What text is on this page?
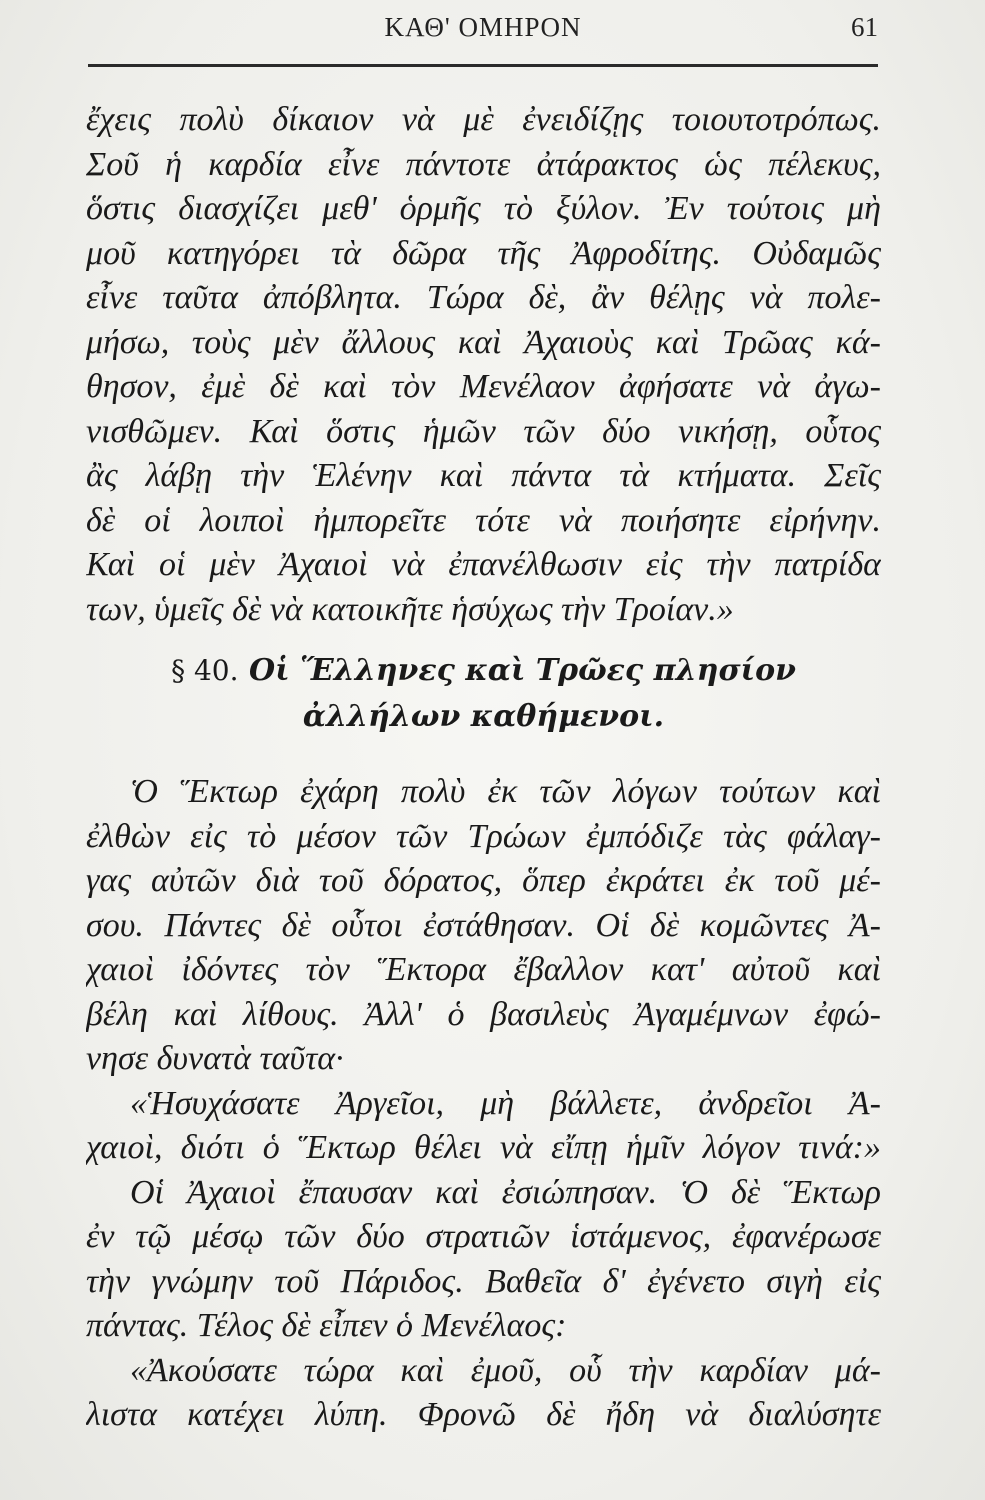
ΚΑΘ' ΟΜΗΡΟΝ	61
ἔχεις πολὺ δίκαιον νὰ μὲ ἐνειδίζῃς τοιουτοτρόπως.
Σοῦ ἡ καρδία εἶνε πάντοτε ἀτάρακτος ὡς πέλεκυς,
ὅστις διασχίζει μεθ' ὁρμῆς τὸ ξύλον. Ἐν τούτοις μὴ
μοῦ κατηγόρει τὰ δῶρα τῆς Ἀφροδίτης. Οὐδαμῶς
εἶνε ταῦτα ἀπόβλητα. Τώρα δὲ, ἂν θέλῃς νὰ πολε-
μήσω, τοὺς μὲν ἄλλους καὶ Ἀχαιοὺς καὶ Τρῶας κά-
θησον, ἐμὲ δὲ καὶ τὸν Μενέλαον ἀφήσατε νὰ ἀγω-
νισθῶμεν. Καὶ ὅστις ἡμῶν τῶν δύο νικήσῃ, οὗτος
ἂς λάβῃ τὴν Ἑλένην καὶ πάντα τὰ κτήματα. Σεῖς
δὲ οἱ λοιποὶ ἠμπορεῖτε τότε νὰ ποιήσητε εἰρήνην.
Καὶ οἱ μὲν Ἀχαιοὶ νὰ ἐπανέλθωσιν εἰς τὴν πατρίδα
των, ὑμεῖς δὲ νὰ κατοικῆτε ἡσύχως τὴν Τροίαν.»
§ 40. Οἱ Ἕλληνες καὶ Τρῶες πλησίον
ἀλλήλων καθήμενοι.
Ὁ Ἕκτωρ ἐχάρη πολὺ ἐκ τῶν λόγων τούτων καὶ
ἐλθὼν εἰς τὸ μέσον τῶν Τρώων ἐμπόδιζε τὰς φάλαγ-
γας αὐτῶν διὰ τοῦ δόρατος, ὅπερ ἐκράτει ἐκ τοῦ μέ-
σου. Πάντες δὲ οὗτοι ἐστάθησαν. Οἱ δὲ κομῶντες Ἀ-
χαιοὶ ἰδόντες τὸν Ἕκτορα ἔβαλλον κατ' αὐτοῦ καὶ
βέλη καὶ λίθους. Ἀλλ' ὁ βασιλεὺς Ἀγαμέμνων ἐφώ-
νησε δυνατὰ ταῦτα·
«Ἡσυχάσατε Ἀργεῖοι, μὴ βάλλετε, ἀνδρεῖοι Ἀ-
χαιοὶ, διότι ὁ Ἕκτωρ θέλει νὰ εἴπῃ ἡμῖν λόγον τινά:»
Οἱ Ἀχαιοὶ ἔπαυσαν καὶ ἐσιώπησαν. Ὁ δὲ Ἕκτωρ
ἐν τῷ μέσῳ τῶν δύο στρατιῶν ἱστάμενος, ἐφανέρωσε
τὴν γνώμην τοῦ Πάριδος. Βαθεῖα δ' ἐγένετο σιγὴ εἰς
πάντας. Τέλος δὲ εἶπεν ὁ Μενέλαος:
«Ἀκούσατε τώρα καὶ ἐμοῦ, οὗ τὴν καρδίαν μά-
λιστα κατέχει λύπη. Φρονῶ δὲ ἤδη νὰ διαλύσητε
